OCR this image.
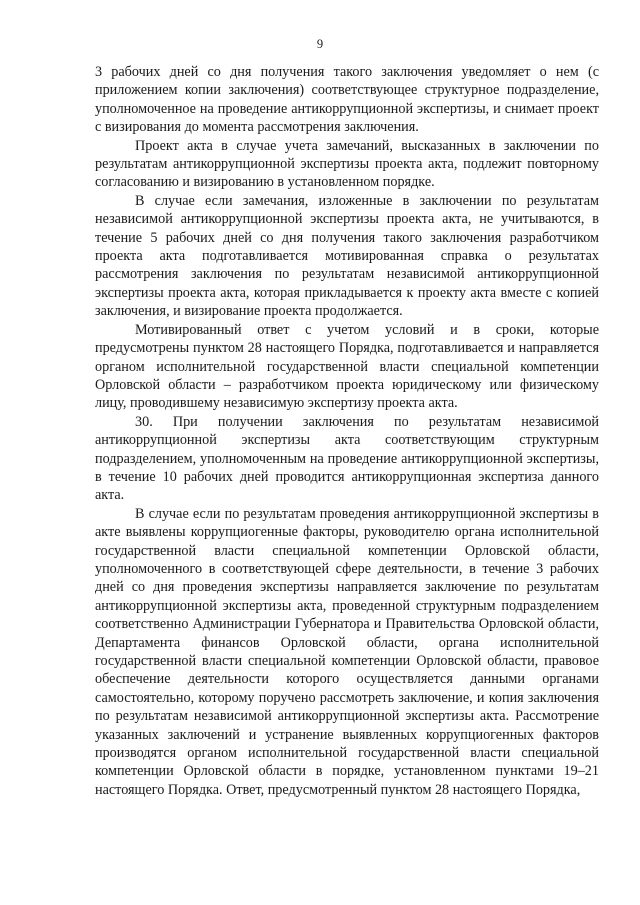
9

3 рабочих дней со дня получения такого заключения уведомляет о нем (с приложением копии заключения) соответствующее структурное подразделение, уполномоченное на проведение антикоррупционной экспертизы, и снимает проект с визирования до момента рассмотрения заключения.

Проект акта в случае учета замечаний, высказанных в заключении по результатам антикоррупционной экспертизы проекта акта, подлежит повторному согласованию и визированию в установленном порядке.

В случае если замечания, изложенные в заключении по результатам независимой антикоррупционной экспертизы проекта акта, не учитываются, в течение 5 рабочих дней со дня получения такого заключения разработчиком проекта акта подготавливается мотивированная справка о результатах рассмотрения заключения по результатам независимой антикоррупционной экспертизы проекта акта, которая прикладывается к проекту акта вместе с копией заключения, и визирование проекта продолжается.

Мотивированный ответ с учетом условий и в сроки, которые предусмотрены пунктом 28 настоящего Порядка, подготавливается и направляется органом исполнительной государственной власти специальной компетенции Орловской области – разработчиком проекта юридическому или физическому лицу, проводившему независимую экспертизу проекта акта.

30. При получении заключения по результатам независимой антикоррупционной экспертизы акта соответствующим структурным подразделением, уполномоченным на проведение антикоррупционной экспертизы, в течение 10 рабочих дней проводится антикоррупционная экспертиза данного акта.

В случае если по результатам проведения антикоррупционной экспертизы в акте выявлены коррупциогенные факторы, руководителю органа исполнительной государственной власти специальной компетенции Орловской области, уполномоченного в соответствующей сфере деятельности, в течение 3 рабочих дней со дня проведения экспертизы направляется заключение по результатам антикоррупционной экспертизы акта, проведенной структурным подразделением соответственно Администрации Губернатора и Правительства Орловской области, Департамента финансов Орловской области, органа исполнительной государственной власти специальной компетенции Орловской области, правовое обеспечение деятельности которого осуществляется данными органами самостоятельно, которому поручено рассмотреть заключение, и копия заключения по результатам независимой антикоррупционной экспертизы акта. Рассмотрение указанных заключений и устранение выявленных коррупциогенных факторов производятся органом исполнительной государственной власти специальной компетенции Орловской области в порядке, установленном пунктами 19–21 настоящего Порядка. Ответ, предусмотренный пунктом 28 настоящего Порядка,
